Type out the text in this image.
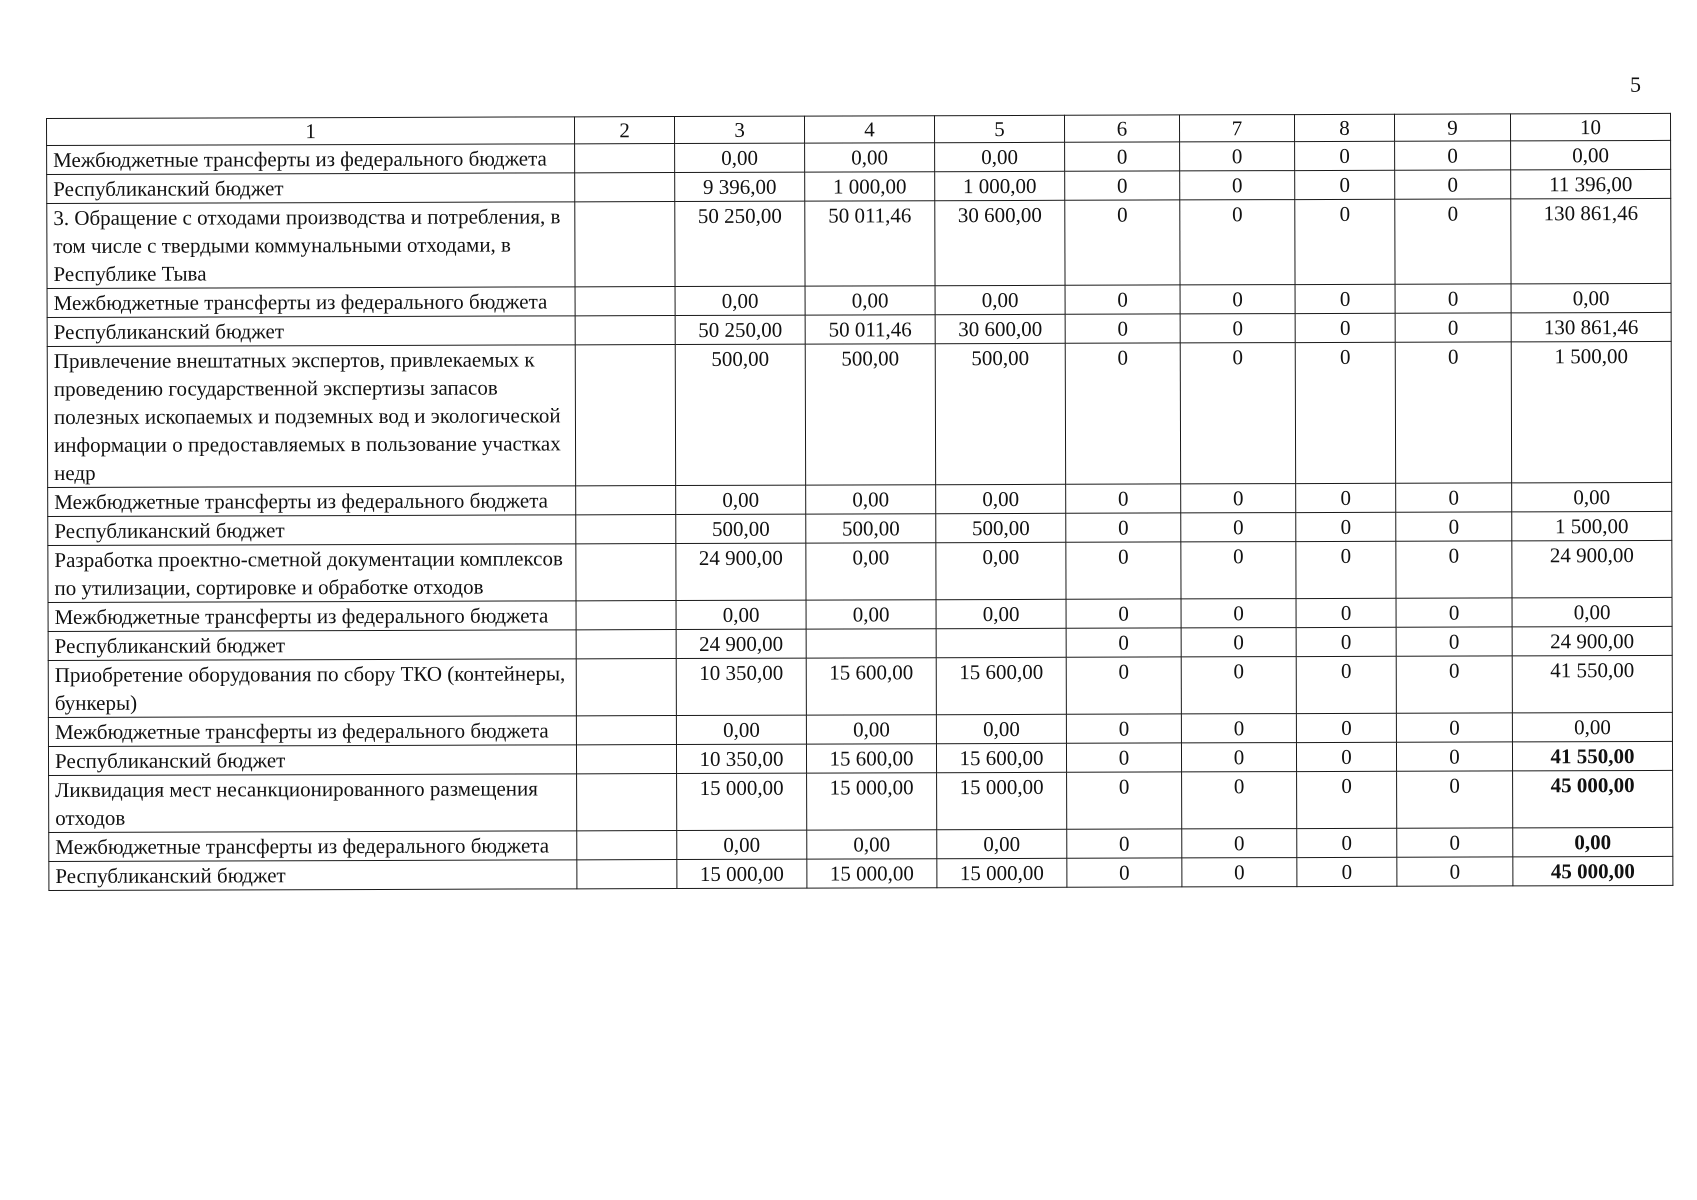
5
1	2	3	4	5	6	7	8	9	10
Межбюджетные трансферты из федерального бюджета		0,00	0,00	0,00	0	0	0	0	0,00
Республиканский бюджет		9 396,00	1 000,00	1 000,00	0	0	0	0	11 396,00
3. Обращение с отходами производства и потребления, в том числе с твердыми коммунальными отходами, в Республике Тыва		50 250,00	50 011,46	30 600,00	0	0	0	0	130 861,46
Межбюджетные трансферты из федерального бюджета		0,00	0,00	0,00	0	0	0	0	0,00
Республиканский бюджет		50 250,00	50 011,46	30 600,00	0	0	0	0	130 861,46
Привлечение внештатных экспертов, привлекаемых к проведению государственной экспертизы запасов полезных ископаемых и подземных вод и экологической информации о предоставляемых в пользование участках недр		500,00	500,00	500,00	0	0	0	0	1 500,00
Межбюджетные трансферты из федерального бюджета		0,00	0,00	0,00	0	0	0	0	0,00
Республиканский бюджет		500,00	500,00	500,00	0	0	0	0	1 500,00
Разработка проектно-сметной документации комплексов по утилизации, сортировке и обработке отходов		24 900,00	0,00	0,00	0	0	0	0	24 900,00
Межбюджетные трансферты из федерального бюджета		0,00	0,00	0,00	0	0	0	0	0,00
Республиканский бюджет		24 900,00			0	0	0	0	24 900,00
Приобретение оборудования по сбору ТКО (контейнеры, бункеры)		10 350,00	15 600,00	15 600,00	0	0	0	0	41 550,00
Межбюджетные трансферты из федерального бюджета		0,00	0,00	0,00	0	0	0	0	0,00
Республиканский бюджет		10 350,00	15 600,00	15 600,00	0	0	0	0	41 550,00
Ликвидация мест несанкционированного размещения отходов		15 000,00	15 000,00	15 000,00	0	0	0	0	45 000,00
Межбюджетные трансферты из федерального бюджета		0,00	0,00	0,00	0	0	0	0	0,00
Республиканский бюджет		15 000,00	15 000,00	15 000,00	0	0	0	0	45 000,00
